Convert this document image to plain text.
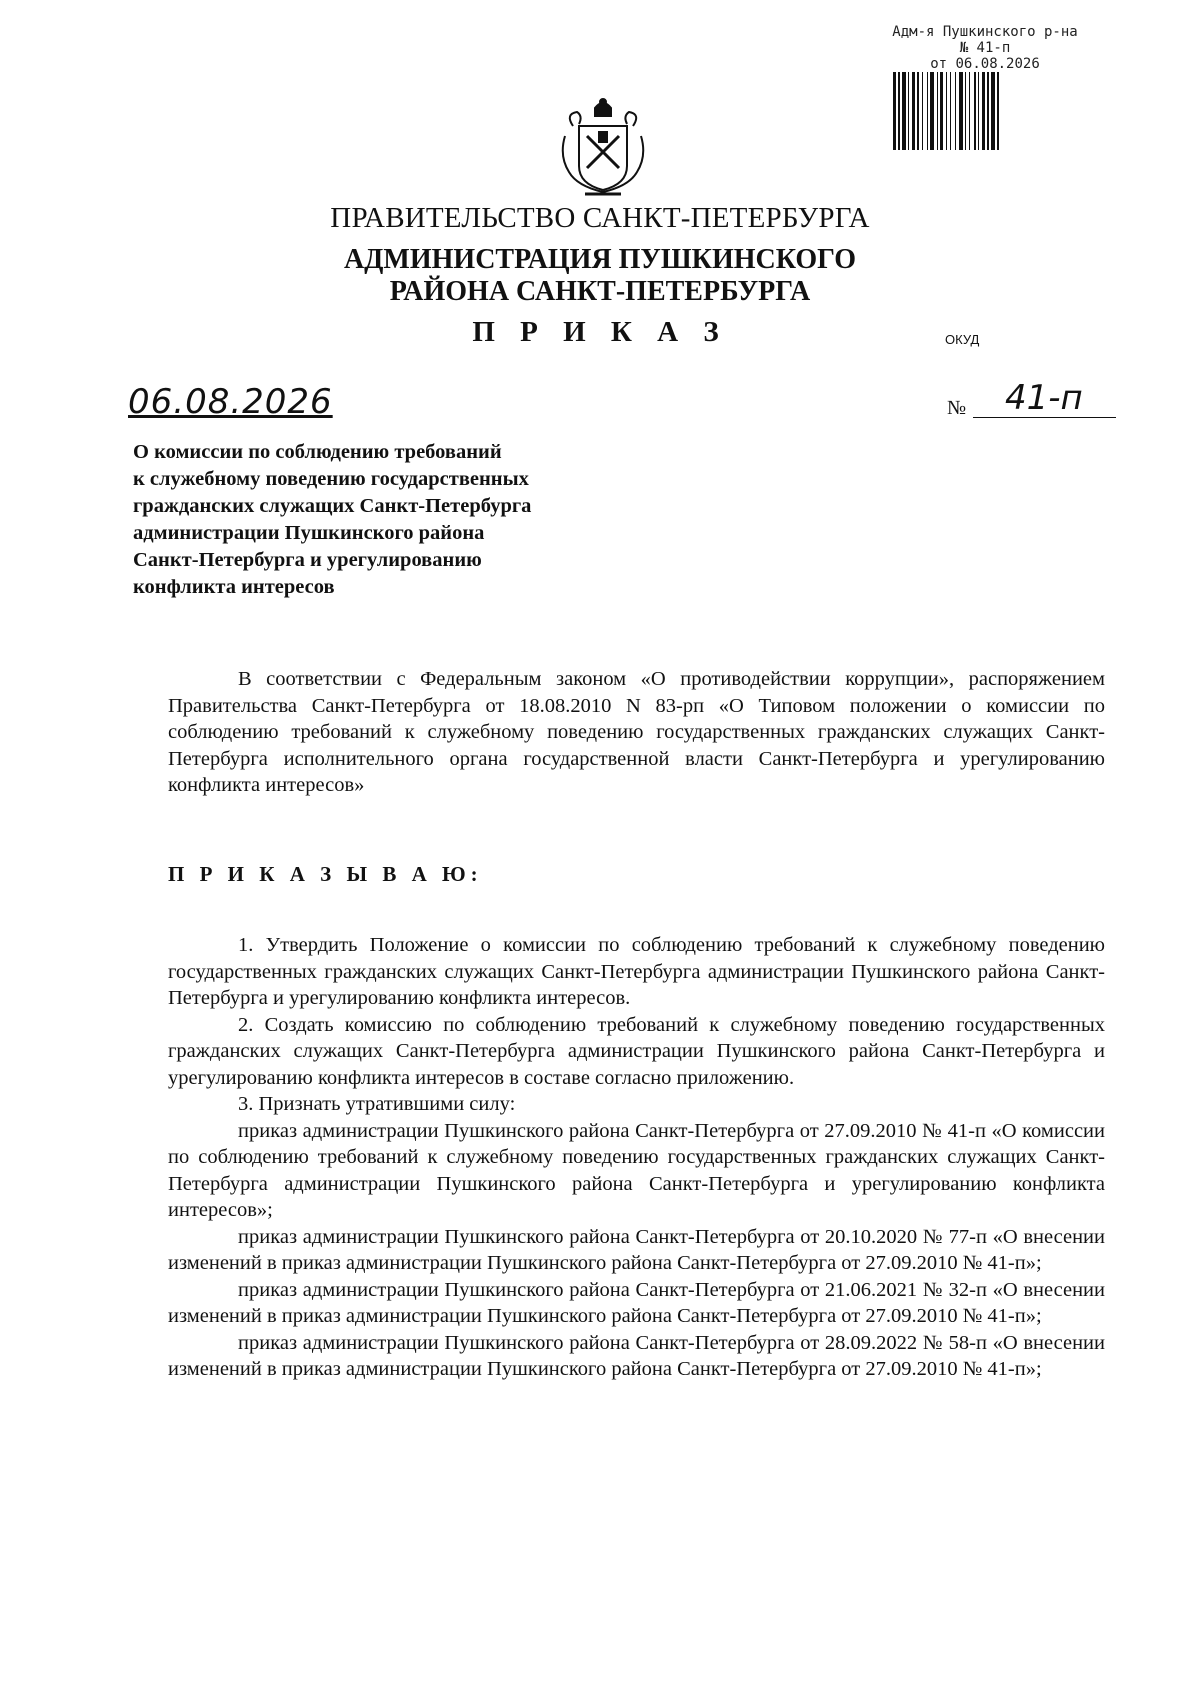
Адм-я Пушкинского р-на
№ 41-п
от 06.08.2026
ПРАВИТЕЛЬСТВО САНКТ-ПЕТЕРБУРГА
АДМИНИСТРАЦИЯ ПУШКИНСКОГО
РАЙОНА САНКТ-ПЕТЕРБУРГА
П Р И К А З	ОКУД
06.08.2026	№ 41-п
О комиссии по соблюдению требований
к служебному поведению государственных
гражданских служащих Санкт-Петербурга
администрации Пушкинского района
Санкт-Петербурга и урегулированию
конфликта интересов

В соответствии с Федеральным законом «О противодействии коррупции», распоряжением Правительства Санкт-Петербурга от 18.08.2010 N 83-рп «О Типовом положении о комиссии по соблюдению требований к служебному поведению государственных гражданских служащих Санкт-Петербурга исполнительного органа государственной власти Санкт-Петербурга и урегулированию конфликта интересов»

П Р И К А З Ы В А Ю:

1. Утвердить Положение о комиссии по соблюдению требований к служебному поведению государственных гражданских служащих Санкт-Петербурга администрации Пушкинского района Санкт-Петербурга и урегулированию конфликта интересов.

2. Создать комиссию по соблюдению требований к служебному поведению государственных гражданских служащих Санкт-Петербурга администрации Пушкинского района Санкт-Петербурга и урегулированию конфликта интересов в составе согласно приложению.

3. Признать утратившими силу:

приказ администрации Пушкинского района Санкт-Петербурга от 27.09.2010 № 41-п «О комиссии по соблюдению требований к служебному поведению государственных гражданских служащих Санкт-Петербурга администрации Пушкинского района Санкт-Петербурга и урегулированию конфликта интересов»;

приказ администрации Пушкинского района Санкт-Петербурга от 20.10.2020 № 77-п «О внесении изменений в приказ администрации Пушкинского района Санкт-Петербурга от 27.09.2010 № 41-п»;

приказ администрации Пушкинского района Санкт-Петербурга от 21.06.2021 № 32-п «О внесении изменений в приказ администрации Пушкинского района Санкт-Петербурга от 27.09.2010 № 41-п»;

приказ администрации Пушкинского района Санкт-Петербурга от 28.09.2022 № 58-п «О внесении изменений в приказ администрации Пушкинского района Санкт-Петербурга от 27.09.2010 № 41-п»;
